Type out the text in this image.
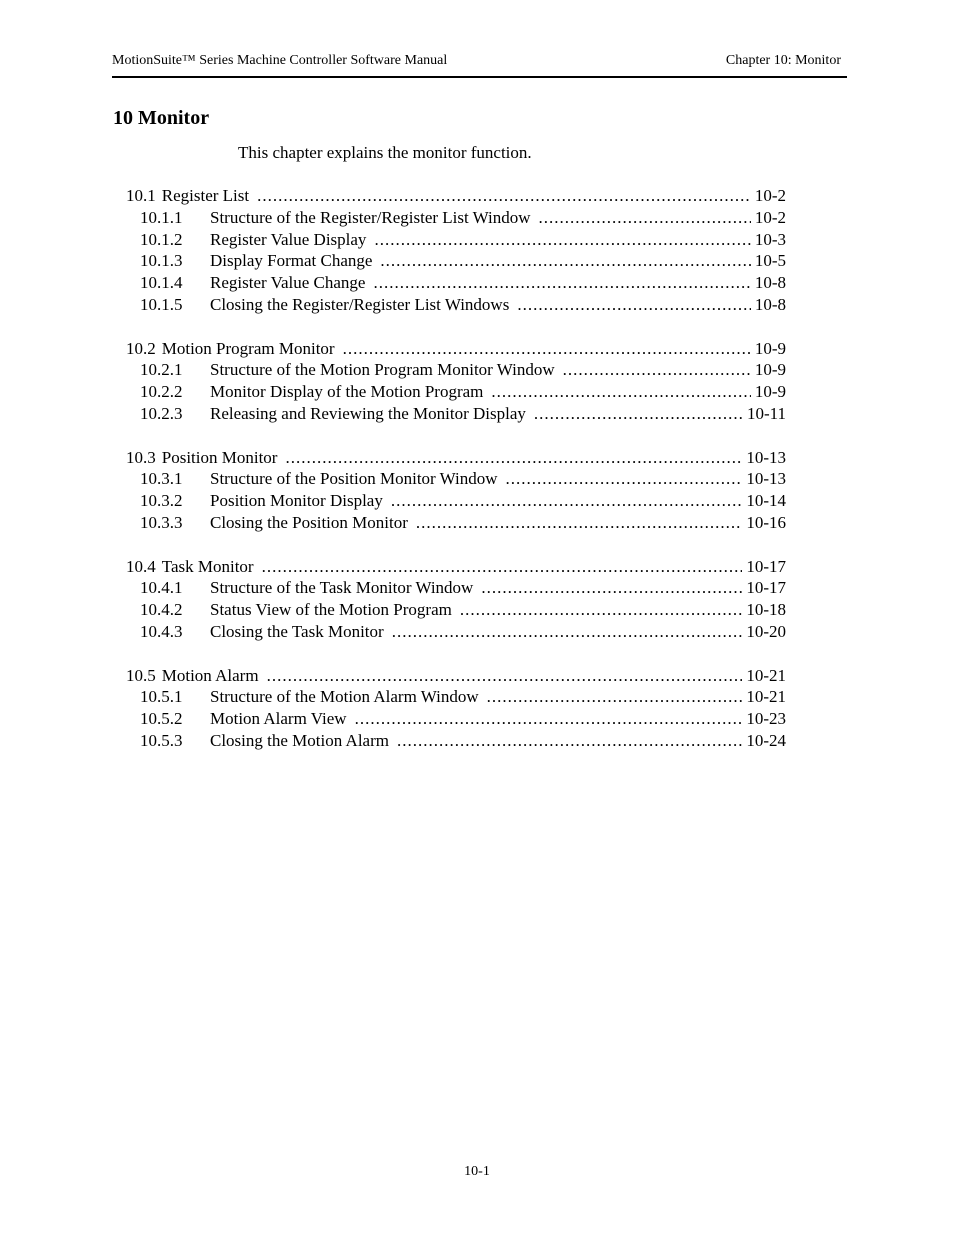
MotionSuite™ Series Machine Controller Software Manual	Chapter 10: Monitor
10 Monitor
This chapter explains the monitor function.
10.1 Register List .....	10-2
10.1.1	Structure of the Register/Register List Window .....	10-2
10.1.2	Register Value Display .....	10-3
10.1.3	Display Format Change .....	10-5
10.1.4	Register Value Change .....	10-8
10.1.5	Closing the Register/Register List Windows .....	10-8
10.2 Motion Program Monitor .....	10-9
10.2.1	Structure of the Motion Program Monitor Window .....	10-9
10.2.2	Monitor Display of the Motion Program .....	10-9
10.2.3	Releasing and Reviewing the Monitor Display .....	10-11
10.3 Position Monitor .....	10-13
10.3.1	Structure of the Position Monitor Window .....	10-13
10.3.2	Position Monitor Display .....	10-14
10.3.3	Closing the Position Monitor .....	10-16
10.4 Task Monitor .....	10-17
10.4.1	Structure of the Task Monitor Window .....	10-17
10.4.2	Status View of the Motion Program .....	10-18
10.4.3	Closing the Task Monitor .....	10-20
10.5 Motion Alarm .....	10-21
10.5.1	Structure of the Motion Alarm Window .....	10-21
10.5.2	Motion Alarm View .....	10-23
10.5.3	Closing the Motion Alarm .....	10-24
10-1
